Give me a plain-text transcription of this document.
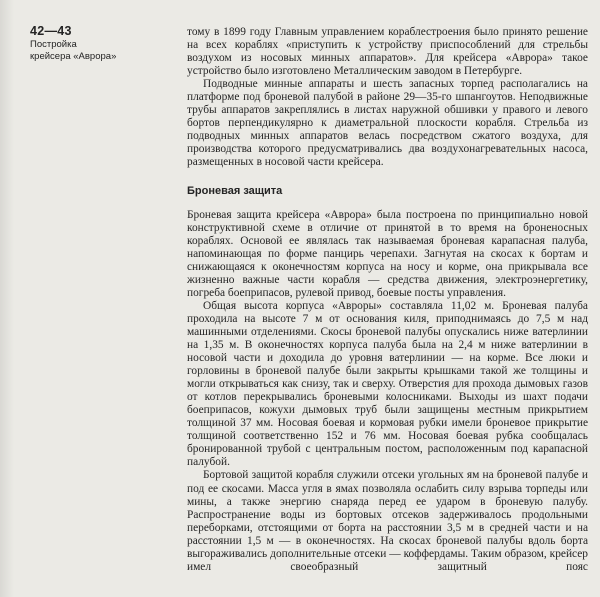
42—43
Постройка
крейсера «Аврора»

тому в 1899 году Главным управлением кораблестроения было принято решение на всех кораблях «приступить к устройству приспособлений для стрельбы воздухом из носовых минных аппаратов». Для крейсера «Аврора» такое устройство было изготовлено Металлическим заводом в Петербурге.

Подводные минные аппараты и шесть запасных торпед располагались на платформе под броневой палубой в районе 29—35-го шпангоутов. Неподвижные трубы аппаратов закреплялись в листах наружной обшивки у правого и левого бортов перпендикулярно к диаметральной плоскости корабля. Стрельба из подводных минных аппаратов велась посредством сжатого воздуха, для производства которого предусматривались два воздухонагревательных насоса, размещенных в носовой части крейсера.

Броневая защита

Броневая защита крейсера «Аврора» была построена по принципиально новой конструктивной схеме в отличие от принятой в то время на броненосных кораблях. Основой ее являлась так называемая броневая карапасная палуба, напоминающая по форме панцирь черепахи. Загнутая на скосах к бортам и снижающаяся к оконечностям корпуса на носу и корме, она прикрывала все жизненно важные части корабля — средства движения, электроэнергетику, погреба боеприпасов, рулевой привод, боевые посты управления.

Общая высота корпуса «Авроры» составляла 11,02 м. Броневая палуба проходила на высоте 7 м от основания киля, приподнимаясь до 7,5 м над машинными отделениями. Скосы броневой палубы опускались ниже ватерлинии на 1,35 м. В оконечностях корпуса палуба была на 2,4 м ниже ватерлинии в носовой части и доходила до уровня ватерлинии — на корме. Все люки и горловины в броневой палубе были закрыты крышками такой же толщины и могли открываться как снизу, так и сверху. Отверстия для прохода дымовых газов от котлов перекрывались броневыми колосниками. Выходы из шахт подачи боеприпасов, кожухи дымовых труб были защищены местным прикрытием толщиной 37 мм. Носовая боевая и кормовая рубки имели броневое прикрытие толщиной соответственно 152 и 76 мм. Носовая боевая рубка сообщалась бронированной трубой с центральным постом, расположенным под карапасной палубой.

Бортовой защитой корабля служили отсеки угольных ям на броневой палубе и под ее скосами. Масса угля в ямах позволяла ослабить силу взрыва торпеды или мины, а также энергию снаряда перед ее ударом в броневую палубу. Распространение воды из бортовых отсеков задерживалось продольными переборками, отстоящими от борта на расстоянии 3,5 м в средней части и на расстоянии 1,5 м — в оконечностях. На скосах броневой палубы вдоль борта выгораживались дополнительные отсеки — коффердамы. Таким образом, крейсер имел своеобразный защитный пояс
